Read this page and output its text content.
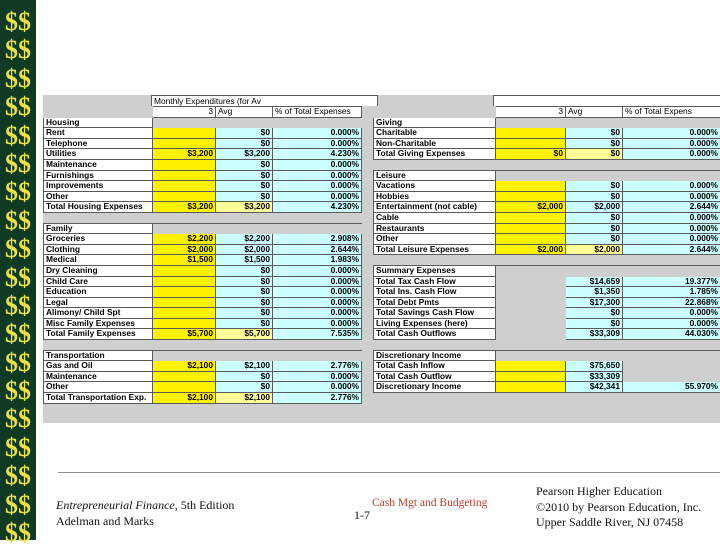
$$
$$
$$
$$
$$
$$
$$
$$
$$
$$
$$
$$
$$
$$
$$
$$
$$
$$
$$
Monthly Expenditures (for Av
	3	Avg	% of Total Expenses
Housing			
Rent		$0	0.000%
Telephone		$0	0.000%
Utilities	$3,200	$3,200	4.230%
Maintenance		$0	0.000%
Furnishings		$0	0.000%
Improvements		$0	0.000%
Other		$0	0.000%
Total Housing Expenses	$3,200	$3,200	4.230%

Family			
Groceries	$2,200	$2,200	2.908%
Clothing	$2,000	$2,000	2.644%
Medical	$1,500	$1,500	1.983%
Dry Cleaning		$0	0.000%
Child Care		$0	0.000%
Education		$0	0.000%
Legal		$0	0.000%
Alimony/ Child Spt		$0	0.000%
Misc Family Expenses		$0	0.000%
Total Family Expenses	$5,700	$5,700	7.535%

Transportation			
Gas and Oil	$2,100	$2,100	2.776%
Maintenance		$0	0.000%
Other		$0	0.000%
Total Transportation Exp.	$2,100	$2,100	2.776%
	3	Avg	% of Total Expens
Giving			
Charitable		$0	0.000%
Non-Charitable		$0	0.000%
Total Giving Expenses	$0	$0	0.000%

Leisure			
Vacations		$0	0.000%
Hobbies		$0	0.000%
Entertainment (not cable)	$2,000	$2,000	2.644%
Cable		$0	0.000%
Restaurants		$0	0.000%
Other		$0	0.000%
Total Leisure Expenses	$2,000	$2,000	2.644%

Summary Expenses			
Total Tax Cash Flow		$14,659	19.377%
Total Ins. Cash Flow		$1,350	1.785%
Total Debt Pmts		$17,300	22.868%
Total Savings Cash Flow		$0	0.000%
Living Expenses (here)		$0	0.000%
Total Cash Outflows		$33,309	44.030%

Discretionary Income			
Total Cash Inflow		$75,650	
Total Cash Outflow		$33,309	
Discretionary Income		$42,341	55.970%
Entrepreneurial Finance, 5th Edition
Adelman and Marks	1-7
Cash Mgt and Budgeting
Pearson Higher Education
©2010 by Pearson Education, Inc.
Upper Saddle River, NJ 07458
